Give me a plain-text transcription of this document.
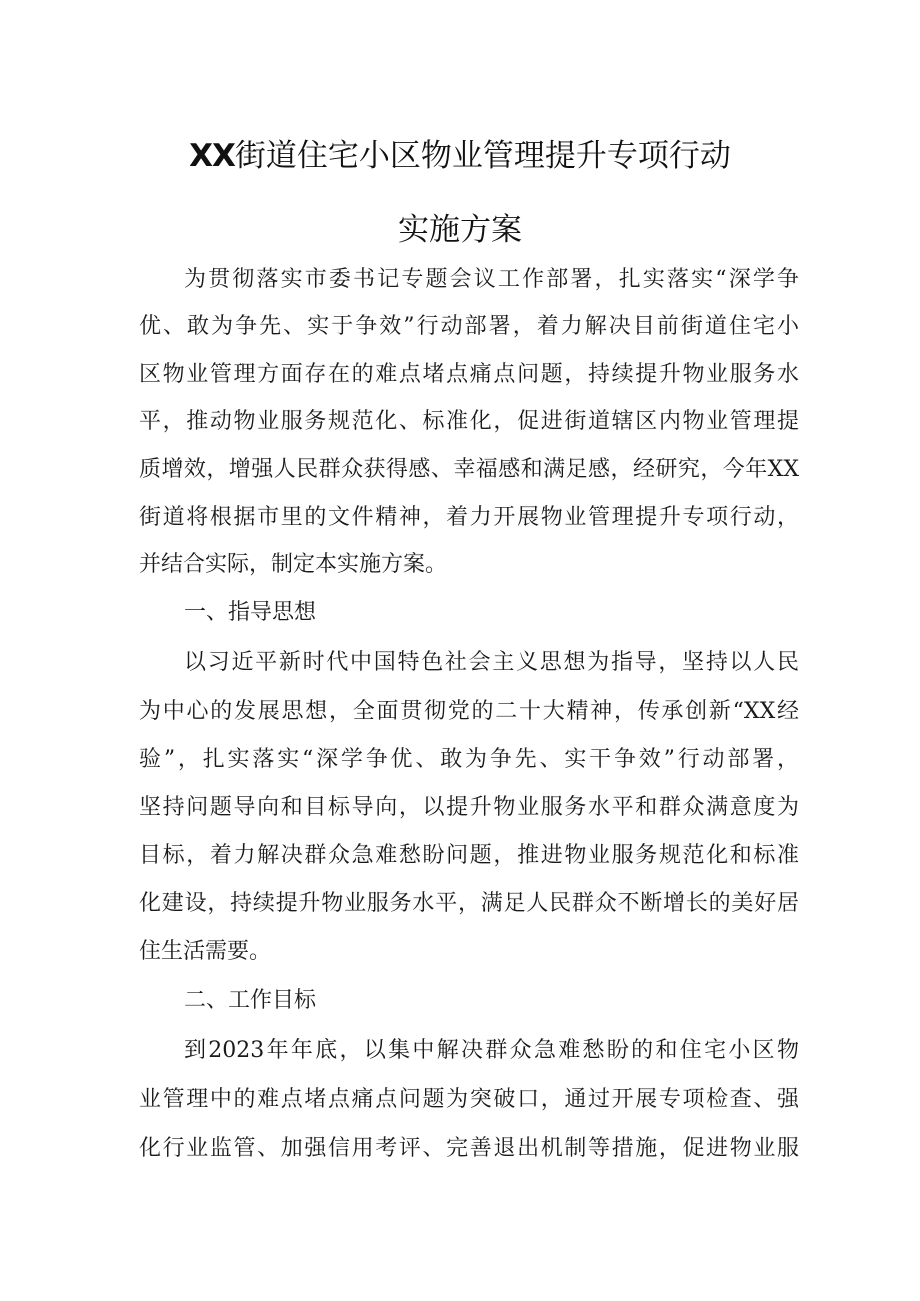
XX街道住宅小区物业管理提升专项行动
实施方案
为贯彻落实市委书记专题会议工作部署，扎实落实“深学争
优、敢为争先、实于争效”行动部署，着力解决目前街道住宅小
区物业管理方面存在的难点堵点痛点问题，持续提升物业服务水
平，推动物业服务规范化、标准化，促进街道辖区内物业管理提
质增效，增强人民群众获得感、幸福感和满足感，经研究，今年XX
街道将根据市里的文件精神，着力开展物业管理提升专项行动，
并结合实际，制定本实施方案。
一、指导思想
以习近平新时代中国特色社会主义思想为指导，坚持以人民
为中心的发展思想，全面贯彻党的二十大精神，传承创新“XX经
验”，扎实落实“深学争优、敢为争先、实干争效”行动部署，
坚持问题导向和目标导向，以提升物业服务水平和群众满意度为
目标，着力解决群众急难愁盼问题，推进物业服务规范化和标准
化建设，持续提升物业服务水平，满足人民群众不断增长的美好居
住生活需要。
二、工作目标
到2023年年底，以集中解决群众急难愁盼的和住宅小区物
业管理中的难点堵点痛点问题为突破口，通过开展专项检查、强
化行业监管、加强信用考评、完善退出机制等措施，促进物业服
